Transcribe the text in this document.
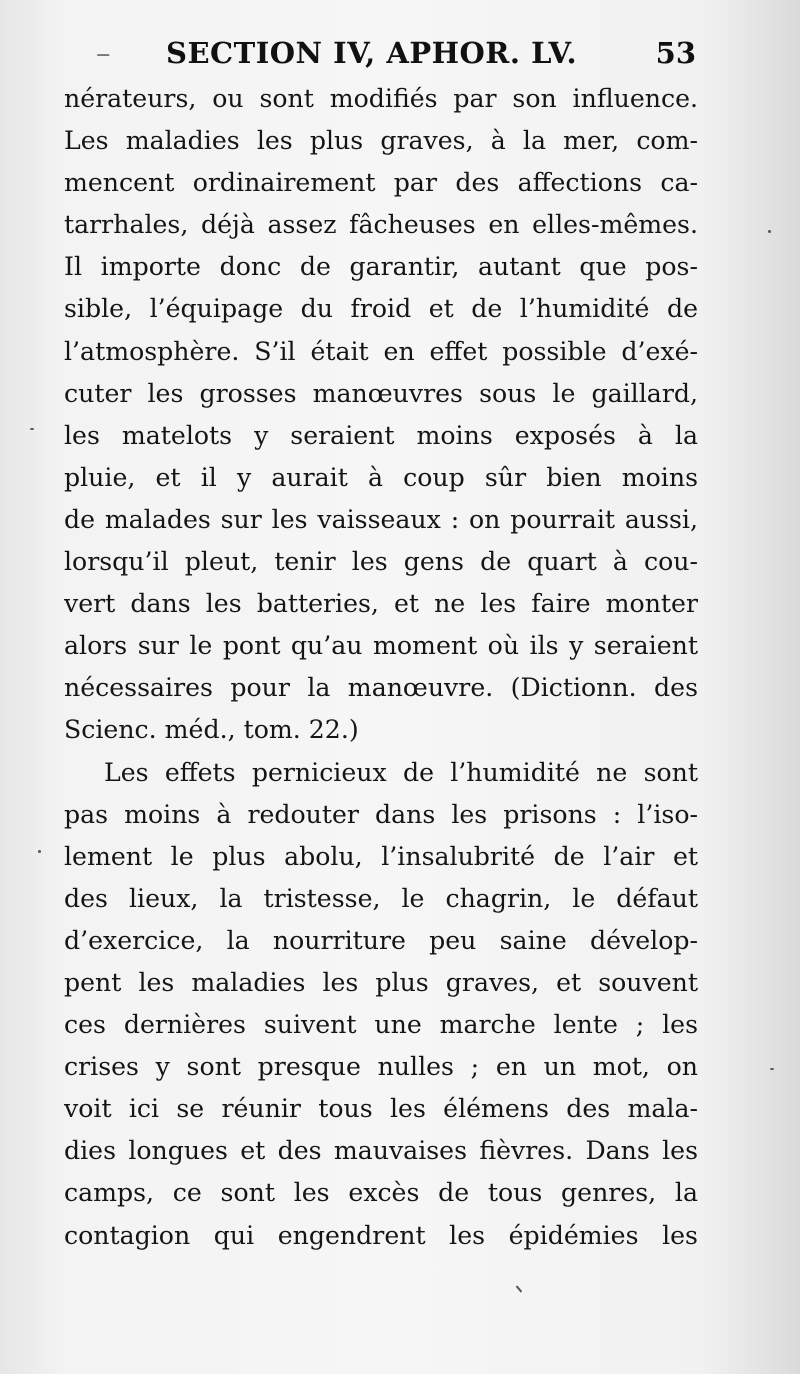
– SECTION IV, APHOR. LV.	53
nérateurs, ou sont modifiés par son influence.
Les maladies les plus graves, à la mer, com-
mencent ordinairement par des affections ca-
tarrhales, déjà assez fâcheuses en elles-mêmes.
Il importe donc de garantir, autant que pos-
sible, l’équipage du froid et de l’humidité de
l’atmosphère. S’il était en effet possible d’exé-
cuter les grosses manœuvres sous le gaillard,
les matelots y seraient moins exposés à la
pluie, et il y aurait à coup sûr bien moins
de malades sur les vaisseaux : on pourrait aussi,
lorsqu’il pleut, tenir les gens de quart à cou-
vert dans les batteries, et ne les faire monter
alors sur le pont qu’au moment où ils y seraient
nécessaires pour la manœuvre. (Dictionn. des
Scienc. méd., tom. 22.)
Les effets pernicieux de l’humidité ne sont
pas moins à redouter dans les prisons : l’iso-
lement le plus abolu, l’insalubrité de l’air et
des lieux, la tristesse, le chagrin, le défaut
d’exercice, la nourriture peu saine dévelop-
pent les maladies les plus graves, et souvent
ces dernières suivent une marche lente ; les
crises y sont presque nulles ; en un mot, on
voit ici se réunir tous les élémens des mala-
dies longues et des mauvaises fièvres. Dans les
camps, ce sont les excès de tous genres, la
contagion qui engendrent les épidémies les
